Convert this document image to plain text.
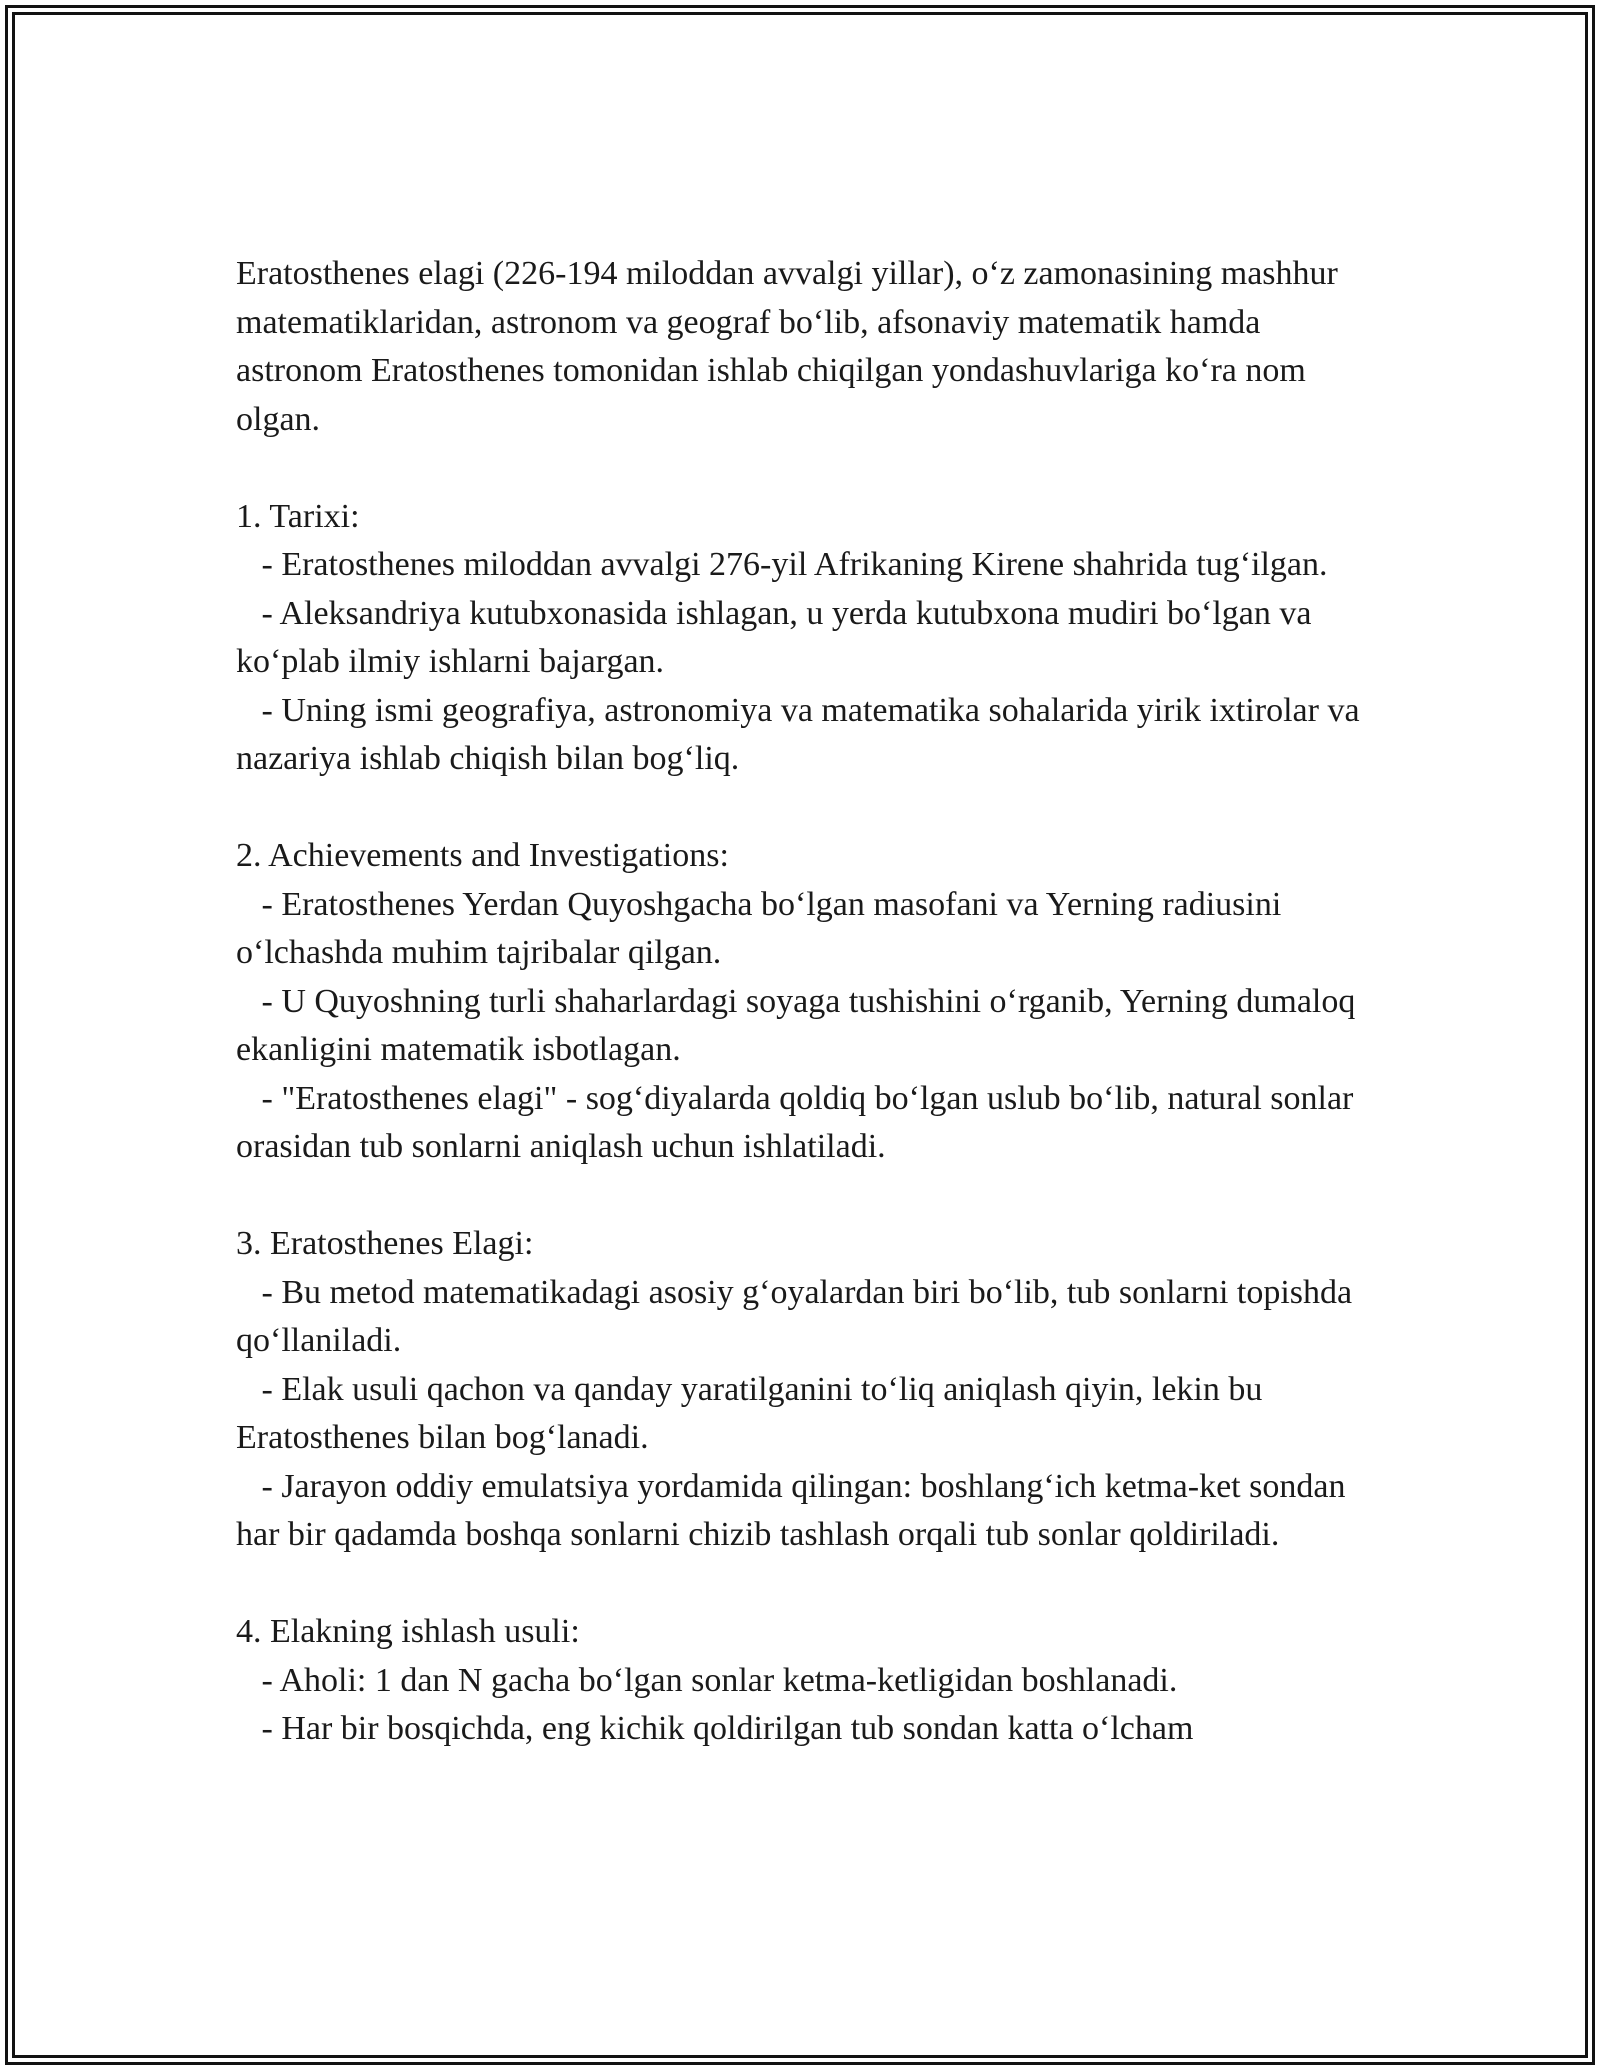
Eratosthenes elagi (226-194 miloddan avvalgi yillar), o‘z zamonasining mashhur matematiklaridan, astronom va geograf bo‘lib, afsonaviy matematik hamda astronom Eratosthenes tomonidan ishlab chiqilgan yondashuvlariga ko‘ra nom olgan.

1. Tarixi:

- Eratosthenes miloddan avvalgi 276-yil Afrikaning Kirene shahrida tug‘ilgan.

- Aleksandriya kutubxonasida ishlagan, u yerda kutubxona mudiri bo‘lgan va ko‘plab ilmiy ishlarni bajargan.

- Uning ismi geografiya, astronomiya va matematika sohalarida yirik ixtirolar va nazariya ishlab chiqish bilan bog‘liq.

2. Achievements and Investigations:

- Eratosthenes Yerdan Quyoshgacha bo‘lgan masofani va Yerning radiusini o‘lchashda muhim tajribalar qilgan.

- U Quyoshning turli shaharlardagi soyaga tushishini o‘rganib, Yerning dumaloq ekanligini matematik isbotlagan.

- "Eratosthenes elagi" - sog‘diyalarda qoldiq bo‘lgan uslub bo‘lib, natural sonlar orasidan tub sonlarni aniqlash uchun ishlatiladi.

3. Eratosthenes Elagi:

- Bu metod matematikadagi asosiy g‘oyalardan biri bo‘lib, tub sonlarni topishda qo‘llaniladi.

- Elak usuli qachon va qanday yaratilganini to‘liq aniqlash qiyin, lekin bu Eratosthenes bilan bog‘lanadi.

- Jarayon oddiy emulatsiya yordamida qilingan: boshlang‘ich ketma-ket sondan har bir qadamda boshqa sonlarni chizib tashlash orqali tub sonlar qoldiriladi.

4. Elakning ishlash usuli:

- Aholi: 1 dan N gacha bo‘lgan sonlar ketma-ketligidan boshlanadi.

- Har bir bosqichda, eng kichik qoldirilgan tub sondan katta o‘lcham
